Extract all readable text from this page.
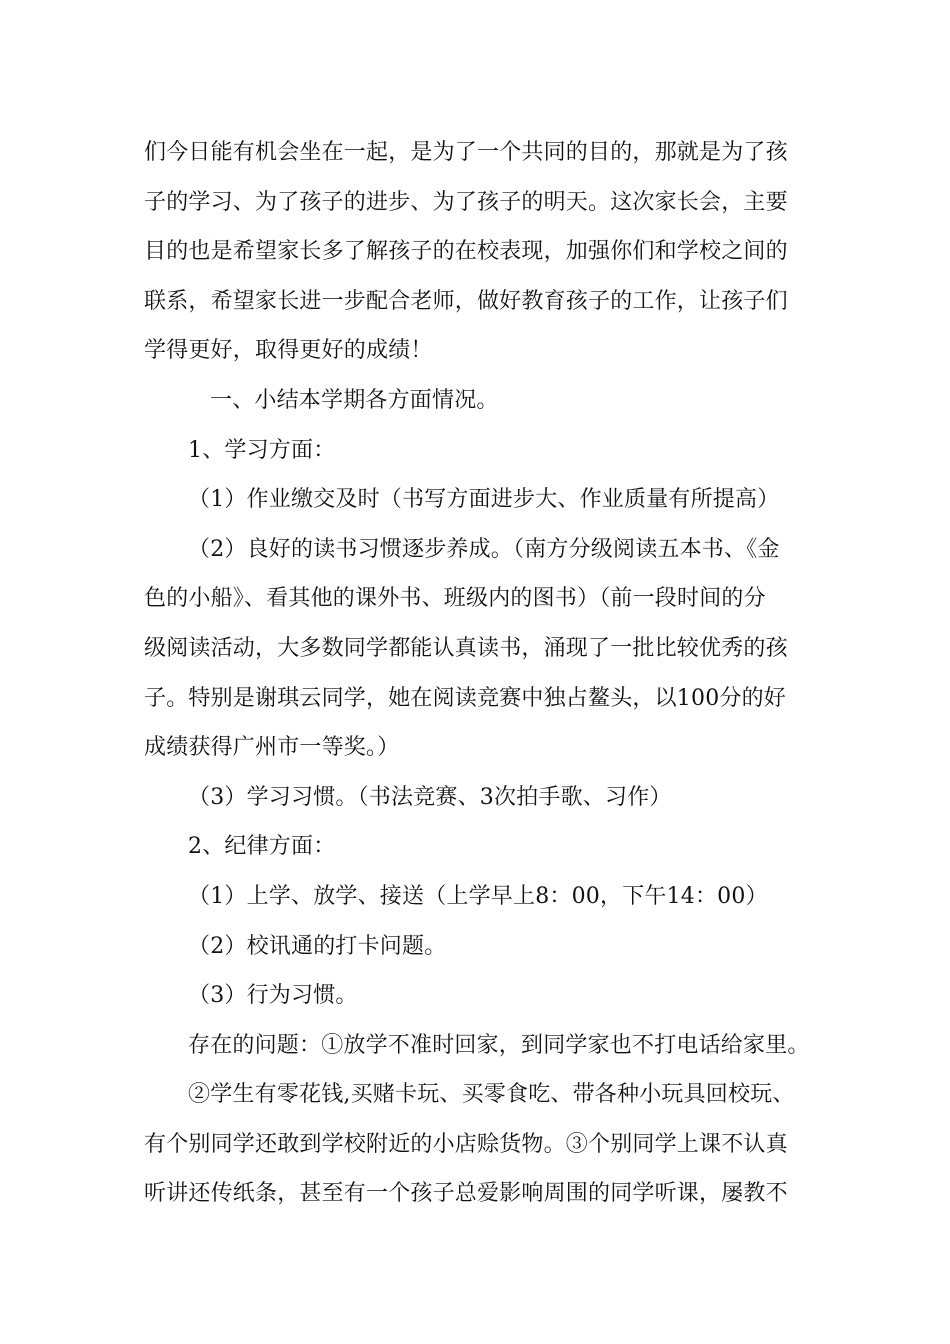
们今日能有机会坐在一起，是为了一个共同的目的，那就是为了孩
子的学习、为了孩子的进步、为了孩子的明天。这次家长会，主要
目的也是希望家长多了解孩子的在校表现，加强你们和学校之间的
联系，希望家长进一步配合老师，做好教育孩子的工作，让孩子们
学得更好，取得更好的成绩！
一、小结本学期各方面情况。
1、学习方面：
（1）作业缴交及时（书写方面进步大、作业质量有所提高）
（2）良好的读书习惯逐步养成。（南方分级阅读五本书、《金
色的小船》、看其他的课外书、班级内的图书）（前一段时间的分
级阅读活动，大多数同学都能认真读书，涌现了一批比较优秀的孩
子。特别是谢琪云同学，她在阅读竞赛中独占鳌头，以100分的好
成绩获得广州市一等奖。）
（3）学习习惯。（书法竞赛、3次拍手歌、习作）
2、纪律方面：
（1）上学、放学、接送（上学早上8：00，下午14：00）
（2）校讯通的打卡问题。
（3）行为习惯。
存在的问题：①放学不准时回家，到同学家也不打电话给家里。
②学生有零花钱,买赌卡玩、买零食吃、带各种小玩具回校玩、
有个别同学还敢到学校附近的小店赊货物。③个别同学上课不认真
听讲还传纸条，甚至有一个孩子总爱影响周围的同学听课，屡教不
